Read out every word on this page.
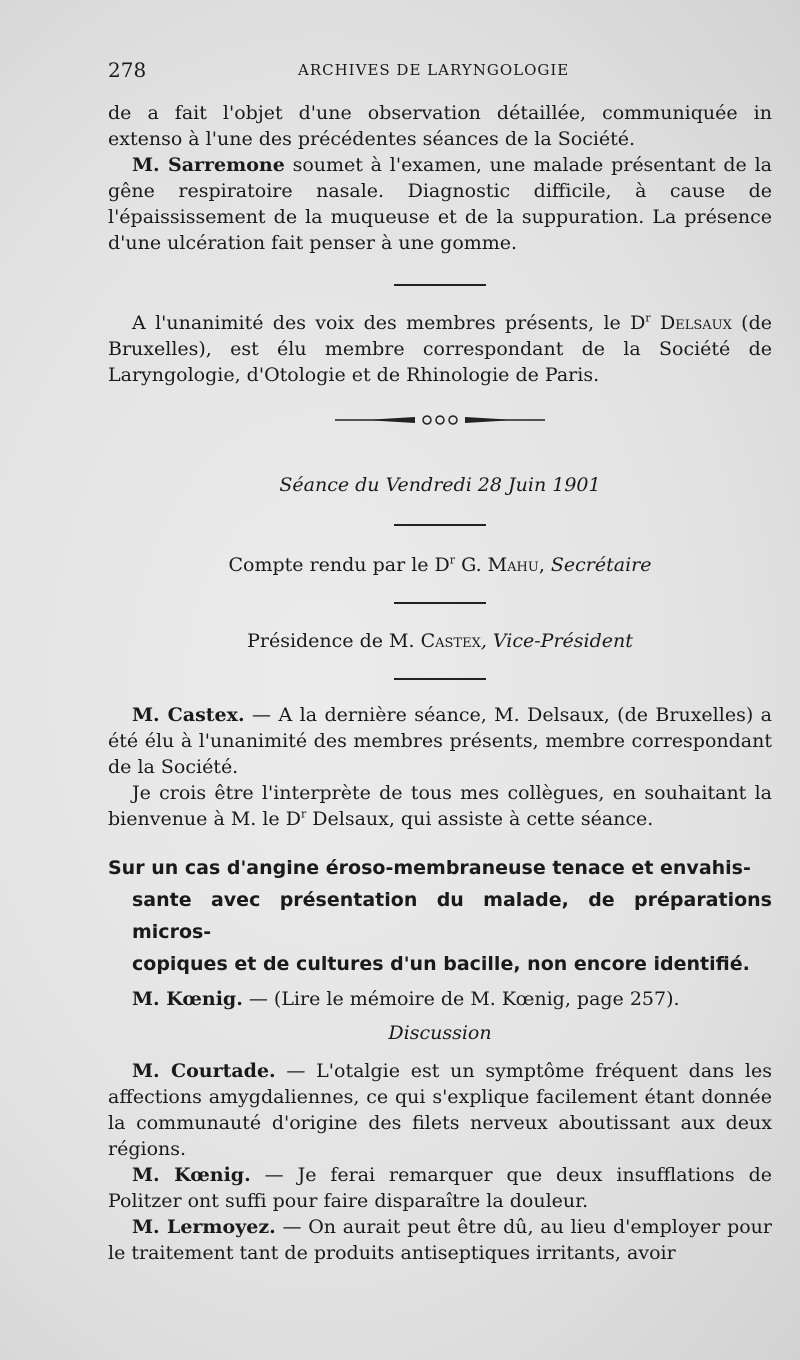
278	ARCHIVES DE LARYNGOLOGIE

de a fait l'objet d'une observation détaillée, communiquée in extenso à l'une des précédentes séances de la Société.

M. Sarremone soumet à l'examen, une malade présentant de la gêne respiratoire nasale. Diagnostic difficile, à cause de l'épaississement de la muqueuse et de la suppuration. La présence d'une ulcération fait penser à une gomme.

A l'unanimité des voix des membres présents, le $D^r$ Delsaux (de Bruxelles), est élu membre correspondant de la Société de Laryngologie, d'Otologie et de Rhinologie de Paris.

Séance du Vendredi 28 Juin 1901

Compte rendu par le $D^r$ G. Mahu, Secrétaire

Présidence de M. Castex, Vice-Président

M. Castex. — A la dernière séance, M. Delsaux, (de Bruxelles) a été élu à l'unanimité des membres présents, membre correspondant de la Société.

Je crois être l'interprète de tous mes collègues, en souhaitant la bienvenue à M. le $D^r$ Delsaux, qui assiste à cette séance.

Sur un cas d'angine éroso-membraneuse tenace et envahis-

sante avec présentation du malade, de préparations micros-

copiques et de cultures d'un bacille, non encore identifié.

M. Kœnig. — (Lire le mémoire de M. Kœnig, page 257).

Discussion

M. Courtade. — L'otalgie est un symptôme fréquent dans les affections amygdaliennes, ce qui s'explique facilement étant donnée la communauté d'origine des filets nerveux aboutissant aux deux régions.

M. Kœnig. — Je ferai remarquer que deux insufflations de Politzer ont suffi pour faire disparaître la douleur.

M. Lermoyez. — On aurait peut être dû, au lieu d'employer pour le traitement tant de produits antiseptiques irritants, avoir
